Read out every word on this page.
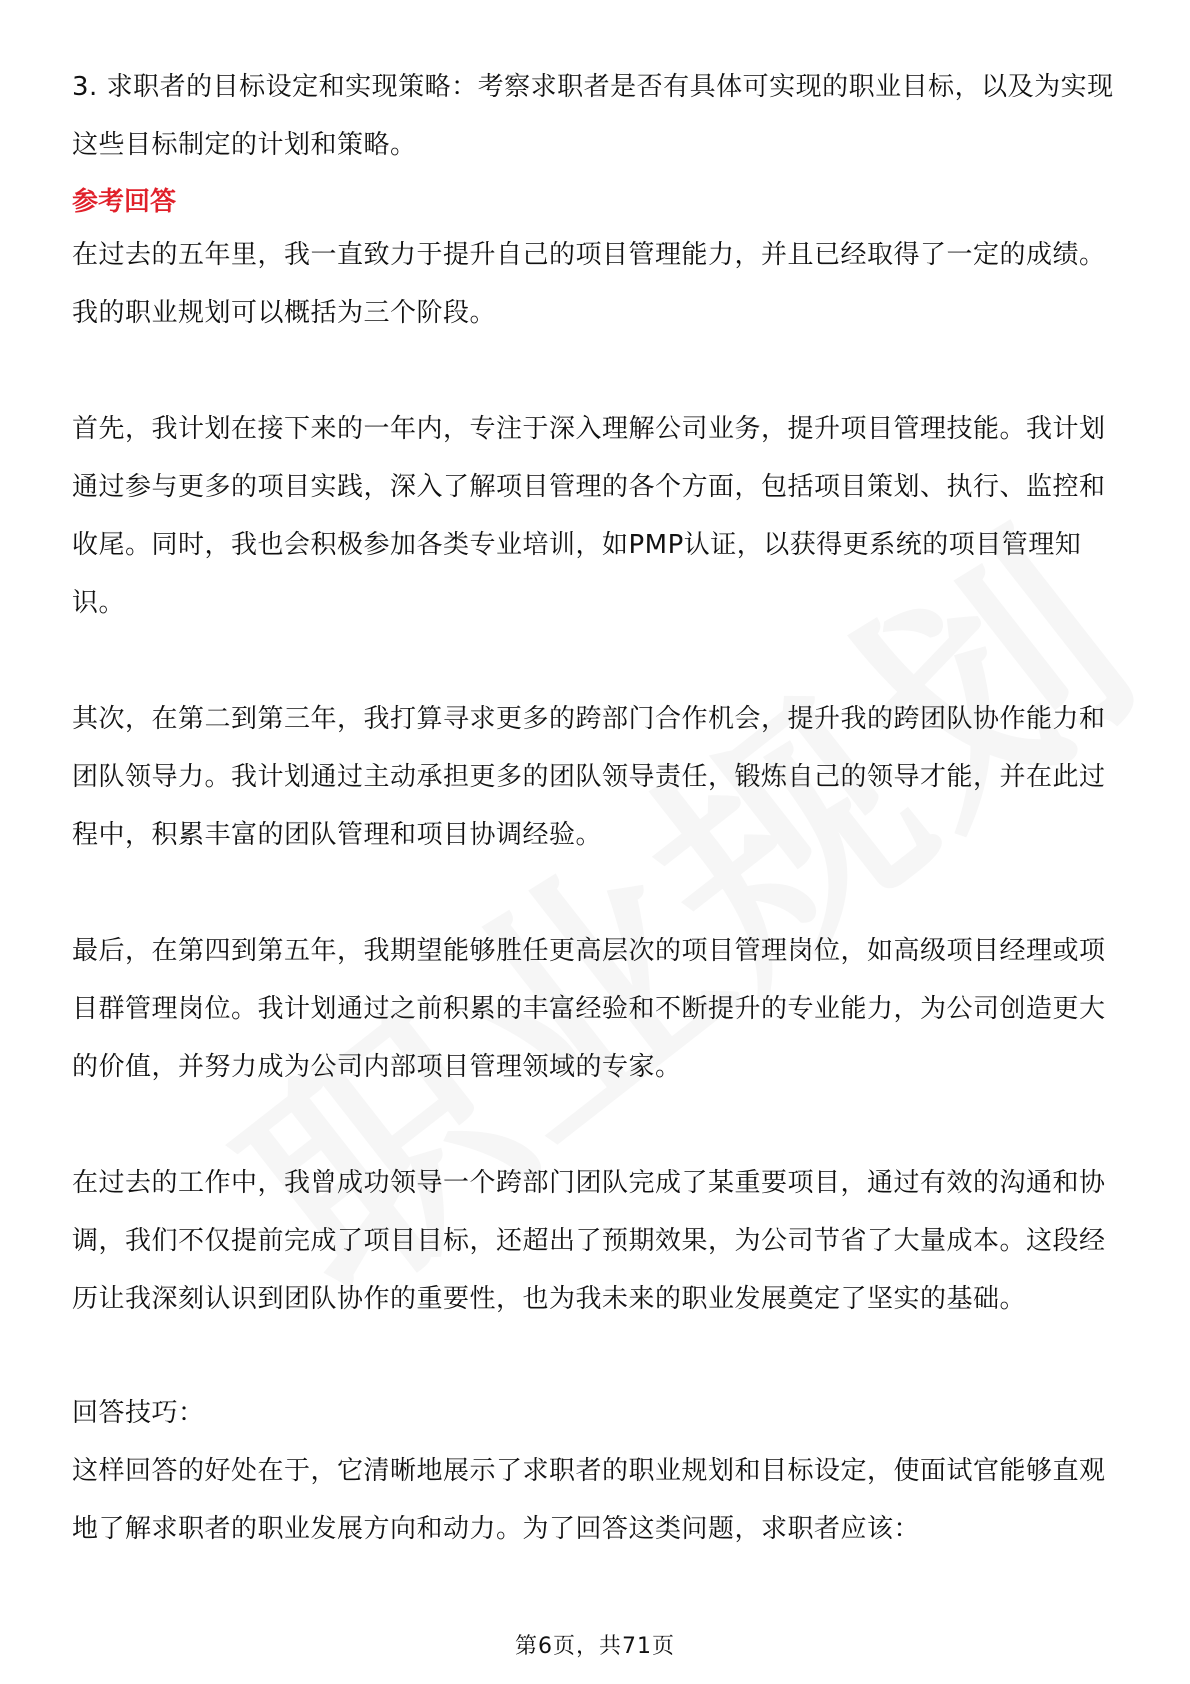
3. 求职者的目标设定和实现策略：考察求职者是否有具体可实现的职业目标，以及为实现这些目标制定的计划和策略。

参考回答

在过去的五年里，我一直致力于提升自己的项目管理能力，并且已经取得了一定的成绩。我的职业规划可以概括为三个阶段。

首先，我计划在接下来的一年内，专注于深入理解公司业务，提升项目管理技能。我计划通过参与更多的项目实践，深入了解项目管理的各个方面，包括项目策划、执行、监控和收尾。同时，我也会积极参加各类专业培训，如PMP认证，以获得更系统的项目管理知识。

其次，在第二到第三年，我打算寻求更多的跨部门合作机会，提升我的跨团队协作能力和团队领导力。我计划通过主动承担更多的团队领导责任，锻炼自己的领导才能，并在此过程中，积累丰富的团队管理和项目协调经验。

最后，在第四到第五年，我期望能够胜任更高层次的项目管理岗位，如高级项目经理或项目群管理岗位。我计划通过之前积累的丰富经验和不断提升的专业能力，为公司创造更大的价值，并努力成为公司内部项目管理领域的专家。

在过去的工作中，我曾成功领导一个跨部门团队完成了某重要项目，通过有效的沟通和协调，我们不仅提前完成了项目目标，还超出了预期效果，为公司节省了大量成本。这段经历让我深刻认识到团队协作的重要性，也为我未来的职业发展奠定了坚实的基础。

回答技巧：

这样回答的好处在于，它清晰地展示了求职者的职业规划和目标设定，使面试官能够直观地了解求职者的职业发展方向和动力。为了回答这类问题，求职者应该：

第6页，共71页
